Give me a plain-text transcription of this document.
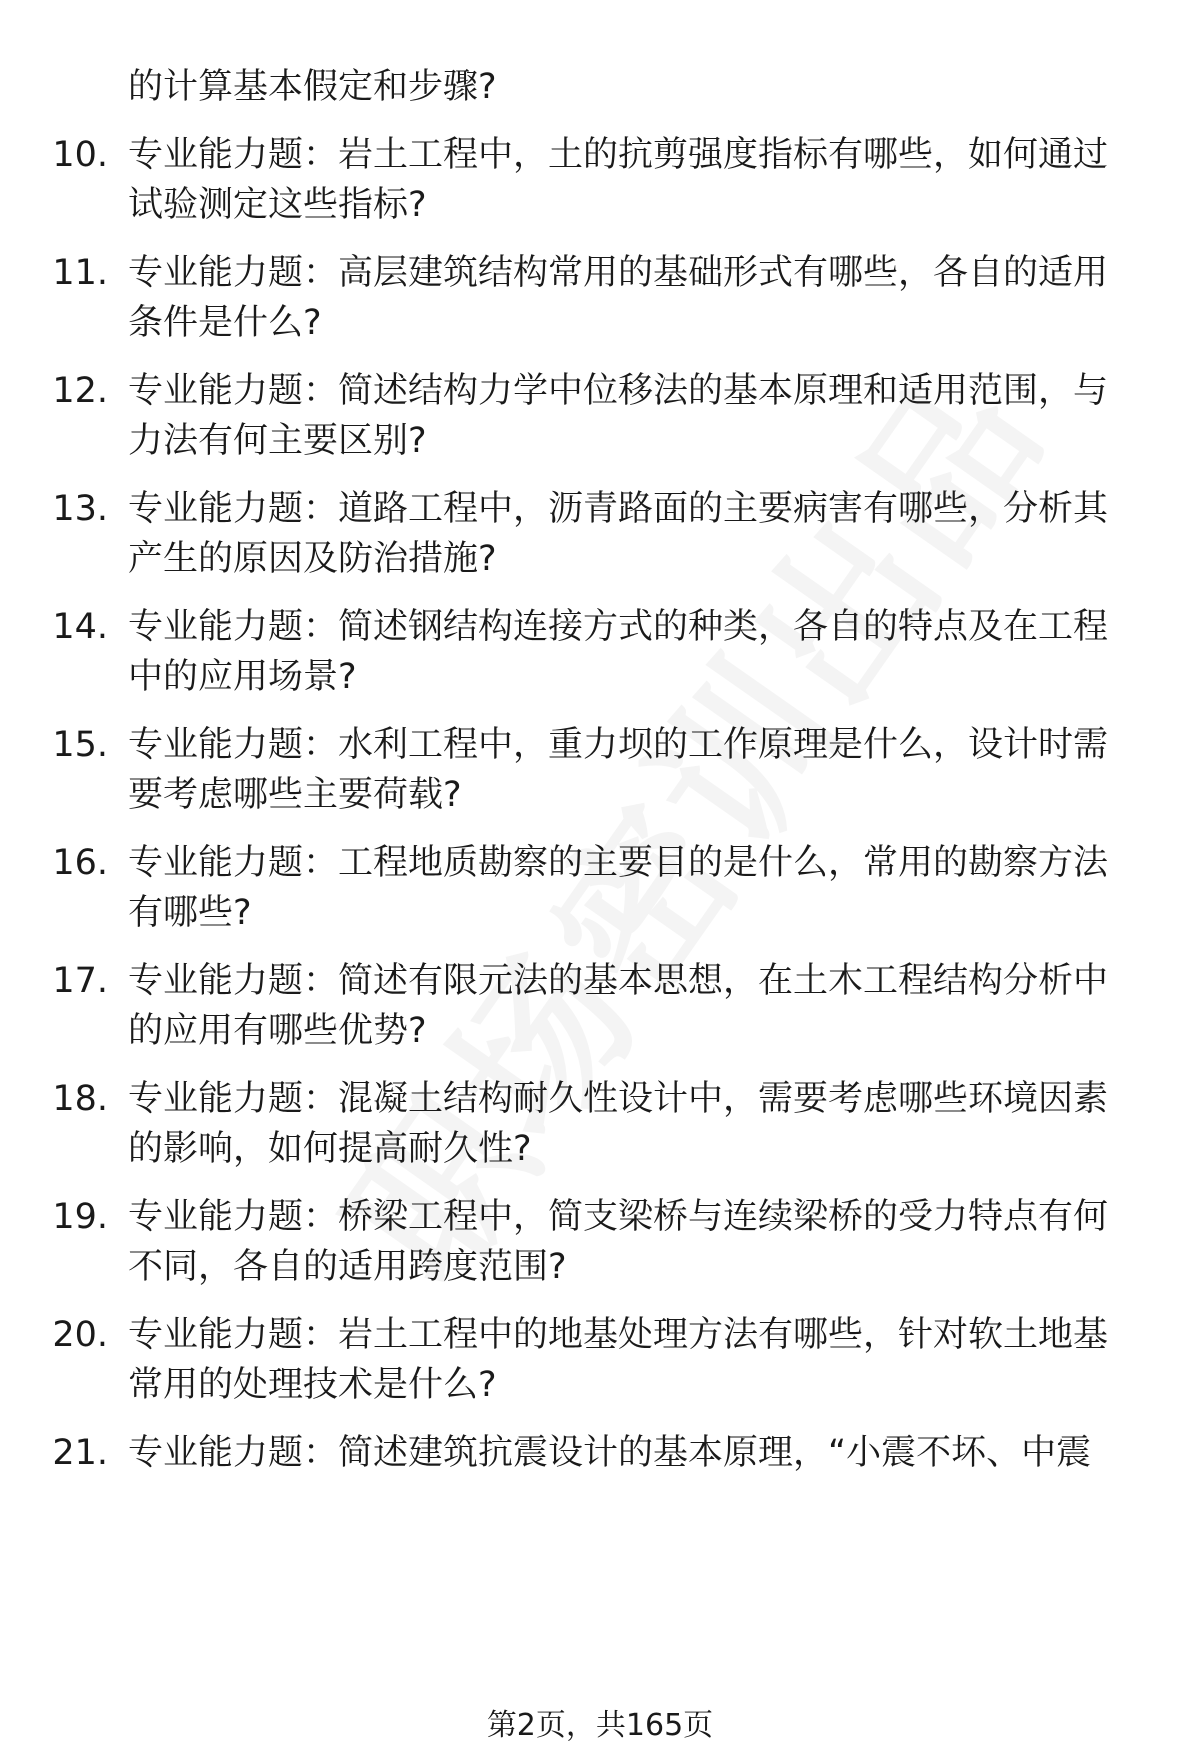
的计算基本假定和步骤?
10. 专业能力题：岩土工程中，土的抗剪强度指标有哪些，如何通过
试验测定这些指标?
11. 专业能力题：高层建筑结构常用的基础形式有哪些，各自的适用
条件是什么?
12. 专业能力题：简述结构力学中位移法的基本原理和适用范围，与
力法有何主要区别?
13. 专业能力题：道路工程中，沥青路面的主要病害有哪些，分析其
产生的原因及防治措施?
14. 专业能力题：简述钢结构连接方式的种类，各自的特点及在工程
中的应用场景?
15. 专业能力题：水利工程中，重力坝的工作原理是什么，设计时需
要考虑哪些主要荷载?
16. 专业能力题：工程地质勘察的主要目的是什么，常用的勘察方法
有哪些?
17. 专业能力题：简述有限元法的基本思想，在土木工程结构分析中
的应用有哪些优势?
18. 专业能力题：混凝土结构耐久性设计中，需要考虑哪些环境因素
的影响，如何提高耐久性?
19. 专业能力题：桥梁工程中，简支梁桥与连续梁桥的受力特点有何
不同，各自的适用跨度范围?
20. 专业能力题：岩土工程中的地基处理方法有哪些，针对软土地基
常用的处理技术是什么?
21. 专业能力题：简述建筑抗震设计的基本原理，“小震不坏、中震
第2页，共165页
